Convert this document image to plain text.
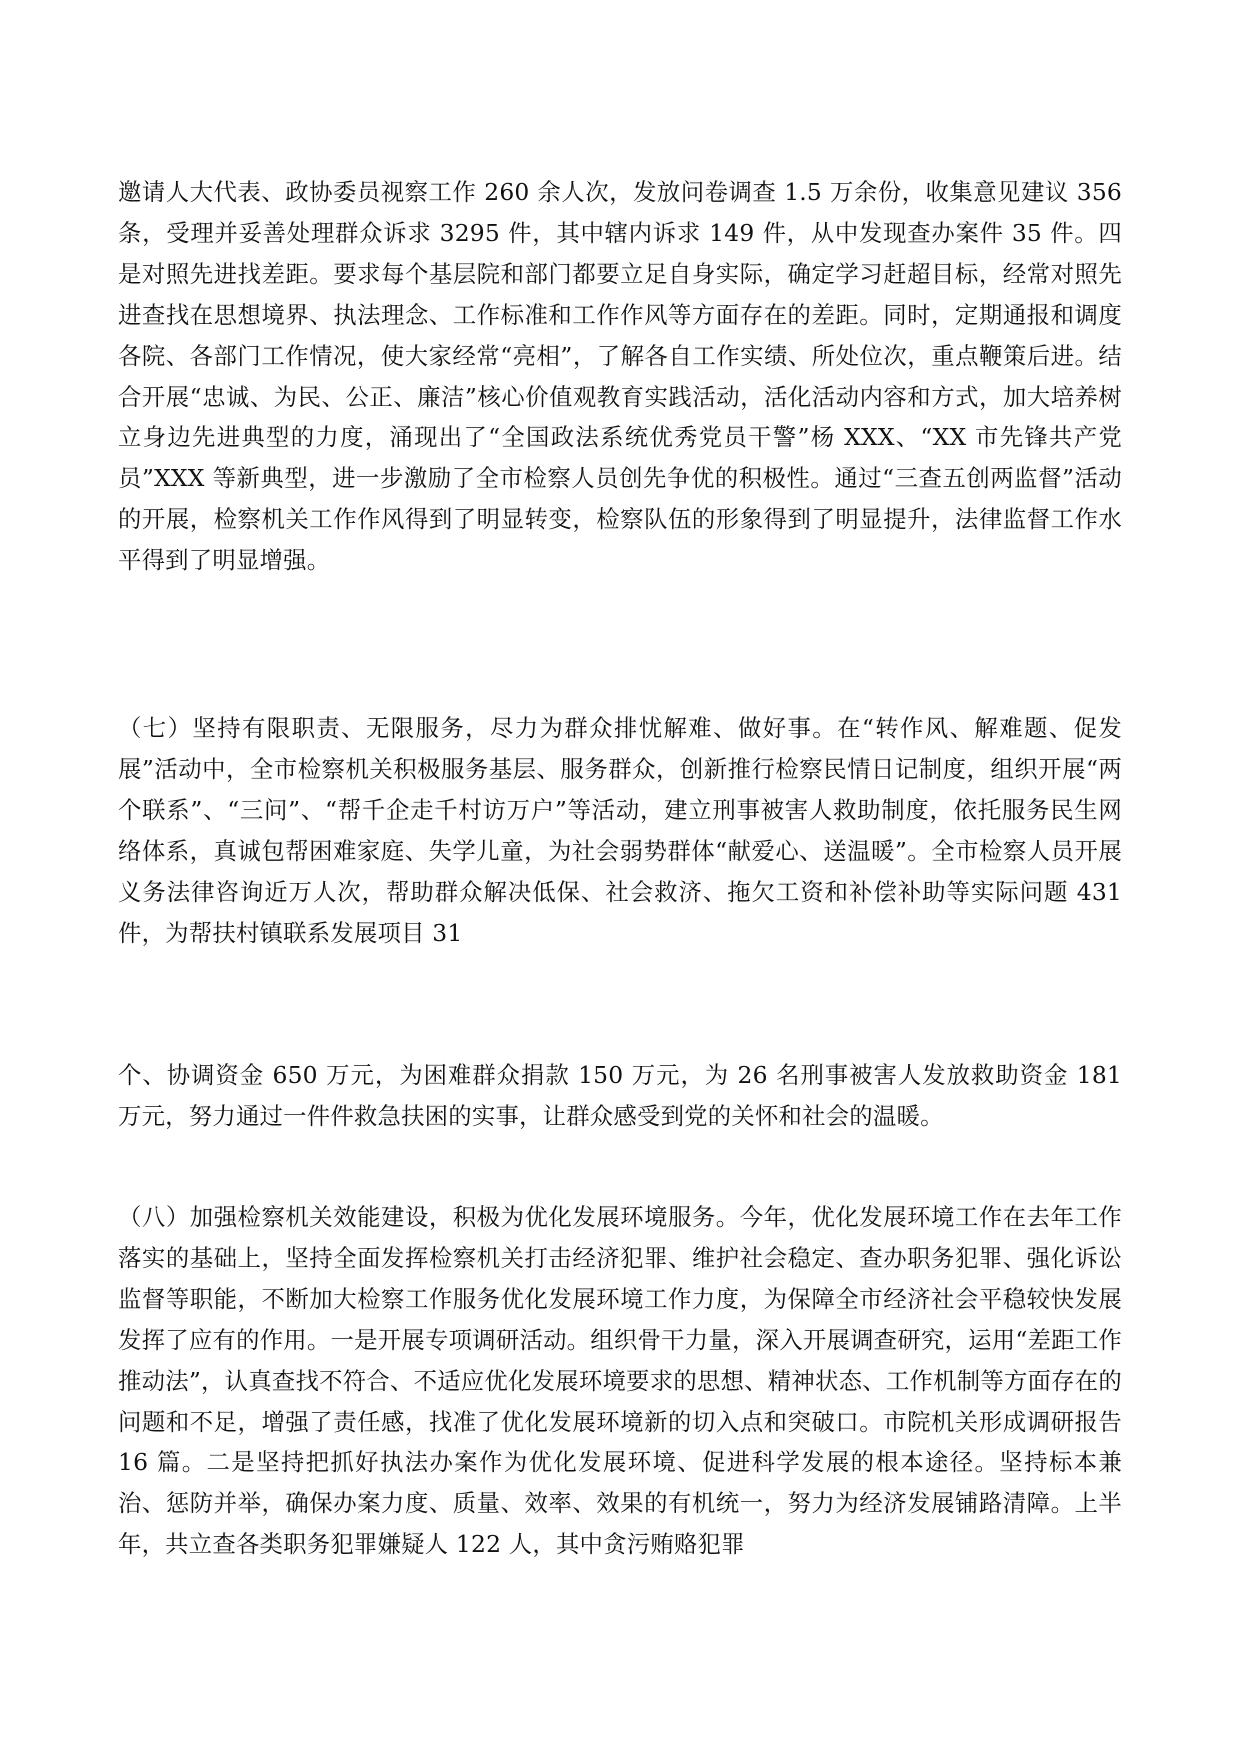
邀请人大代表、政协委员视察工作 260 余人次，发放问卷调查 1.5 万余份，收集意见建议 356 条，受理并妥善处理群众诉求 3295 件，其中辖内诉求 149 件，从中发现查办案件 35 件。四是对照先进找差距。要求每个基层院和部门都要立足自身实际，确定学习赶超目标，经常对照先进查找在思想境界、执法理念、工作标准和工作作风等方面存在的差距。同时，定期通报和调度各院、各部门工作情况，使大家经常“亮相”，了解各自工作实绩、所处位次，重点鞭策后进。结合开展“忠诚、为民、公正、廉洁”核心价值观教育实践活动，活化活动内容和方式，加大培养树立身边先进典型的力度，涌现出了“全国政法系统优秀党员干警”杨 XXX、“XX 市先锋共产党员”XXX 等新典型，进一步激励了全市检察人员创先争优的积极性。通过“三查五创两监督”活动的开展，检察机关工作作风得到了明显转变，检察队伍的形象得到了明显提升，法律监督工作水平得到了明显增强。

（七）坚持有限职责、无限服务，尽力为群众排忧解难、做好事。在“转作风、解难题、促发展”活动中，全市检察机关积极服务基层、服务群众，创新推行检察民情日记制度，组织开展“两个联系”、“三问”、“帮千企走千村访万户”等活动，建立刑事被害人救助制度，依托服务民生网络体系，真诚包帮困难家庭、失学儿童，为社会弱势群体“献爱心、送温暖”。全市检察人员开展义务法律咨询近万人次，帮助群众解决低保、社会救济、拖欠工资和补偿补助等实际问题 431 件，为帮扶村镇联系发展项目 31

个、协调资金 650 万元，为困难群众捐款 150 万元，为 26 名刑事被害人发放救助资金 181 万元，努力通过一件件救急扶困的实事，让群众感受到党的关怀和社会的温暖。

（八）加强检察机关效能建设，积极为优化发展环境服务。今年，优化发展环境工作在去年工作落实的基础上，坚持全面发挥检察机关打击经济犯罪、维护社会稳定、查办职务犯罪、强化诉讼监督等职能，不断加大检察工作服务优化发展环境工作力度，为保障全市经济社会平稳较快发展发挥了应有的作用。一是开展专项调研活动。组织骨干力量，深入开展调查研究，运用“差距工作推动法”，认真查找不符合、不适应优化发展环境要求的思想、精神状态、工作机制等方面存在的问题和不足，增强了责任感，找准了优化发展环境新的切入点和突破口。市院机关形成调研报告 16 篇。二是坚持把抓好执法办案作为优化发展环境、促进科学发展的根本途径。坚持标本兼治、惩防并举，确保办案力度、质量、效率、效果的有机统一，努力为经济发展铺路清障。上半年，共立查各类职务犯罪嫌疑人 122 人，其中贪污贿赂犯罪
